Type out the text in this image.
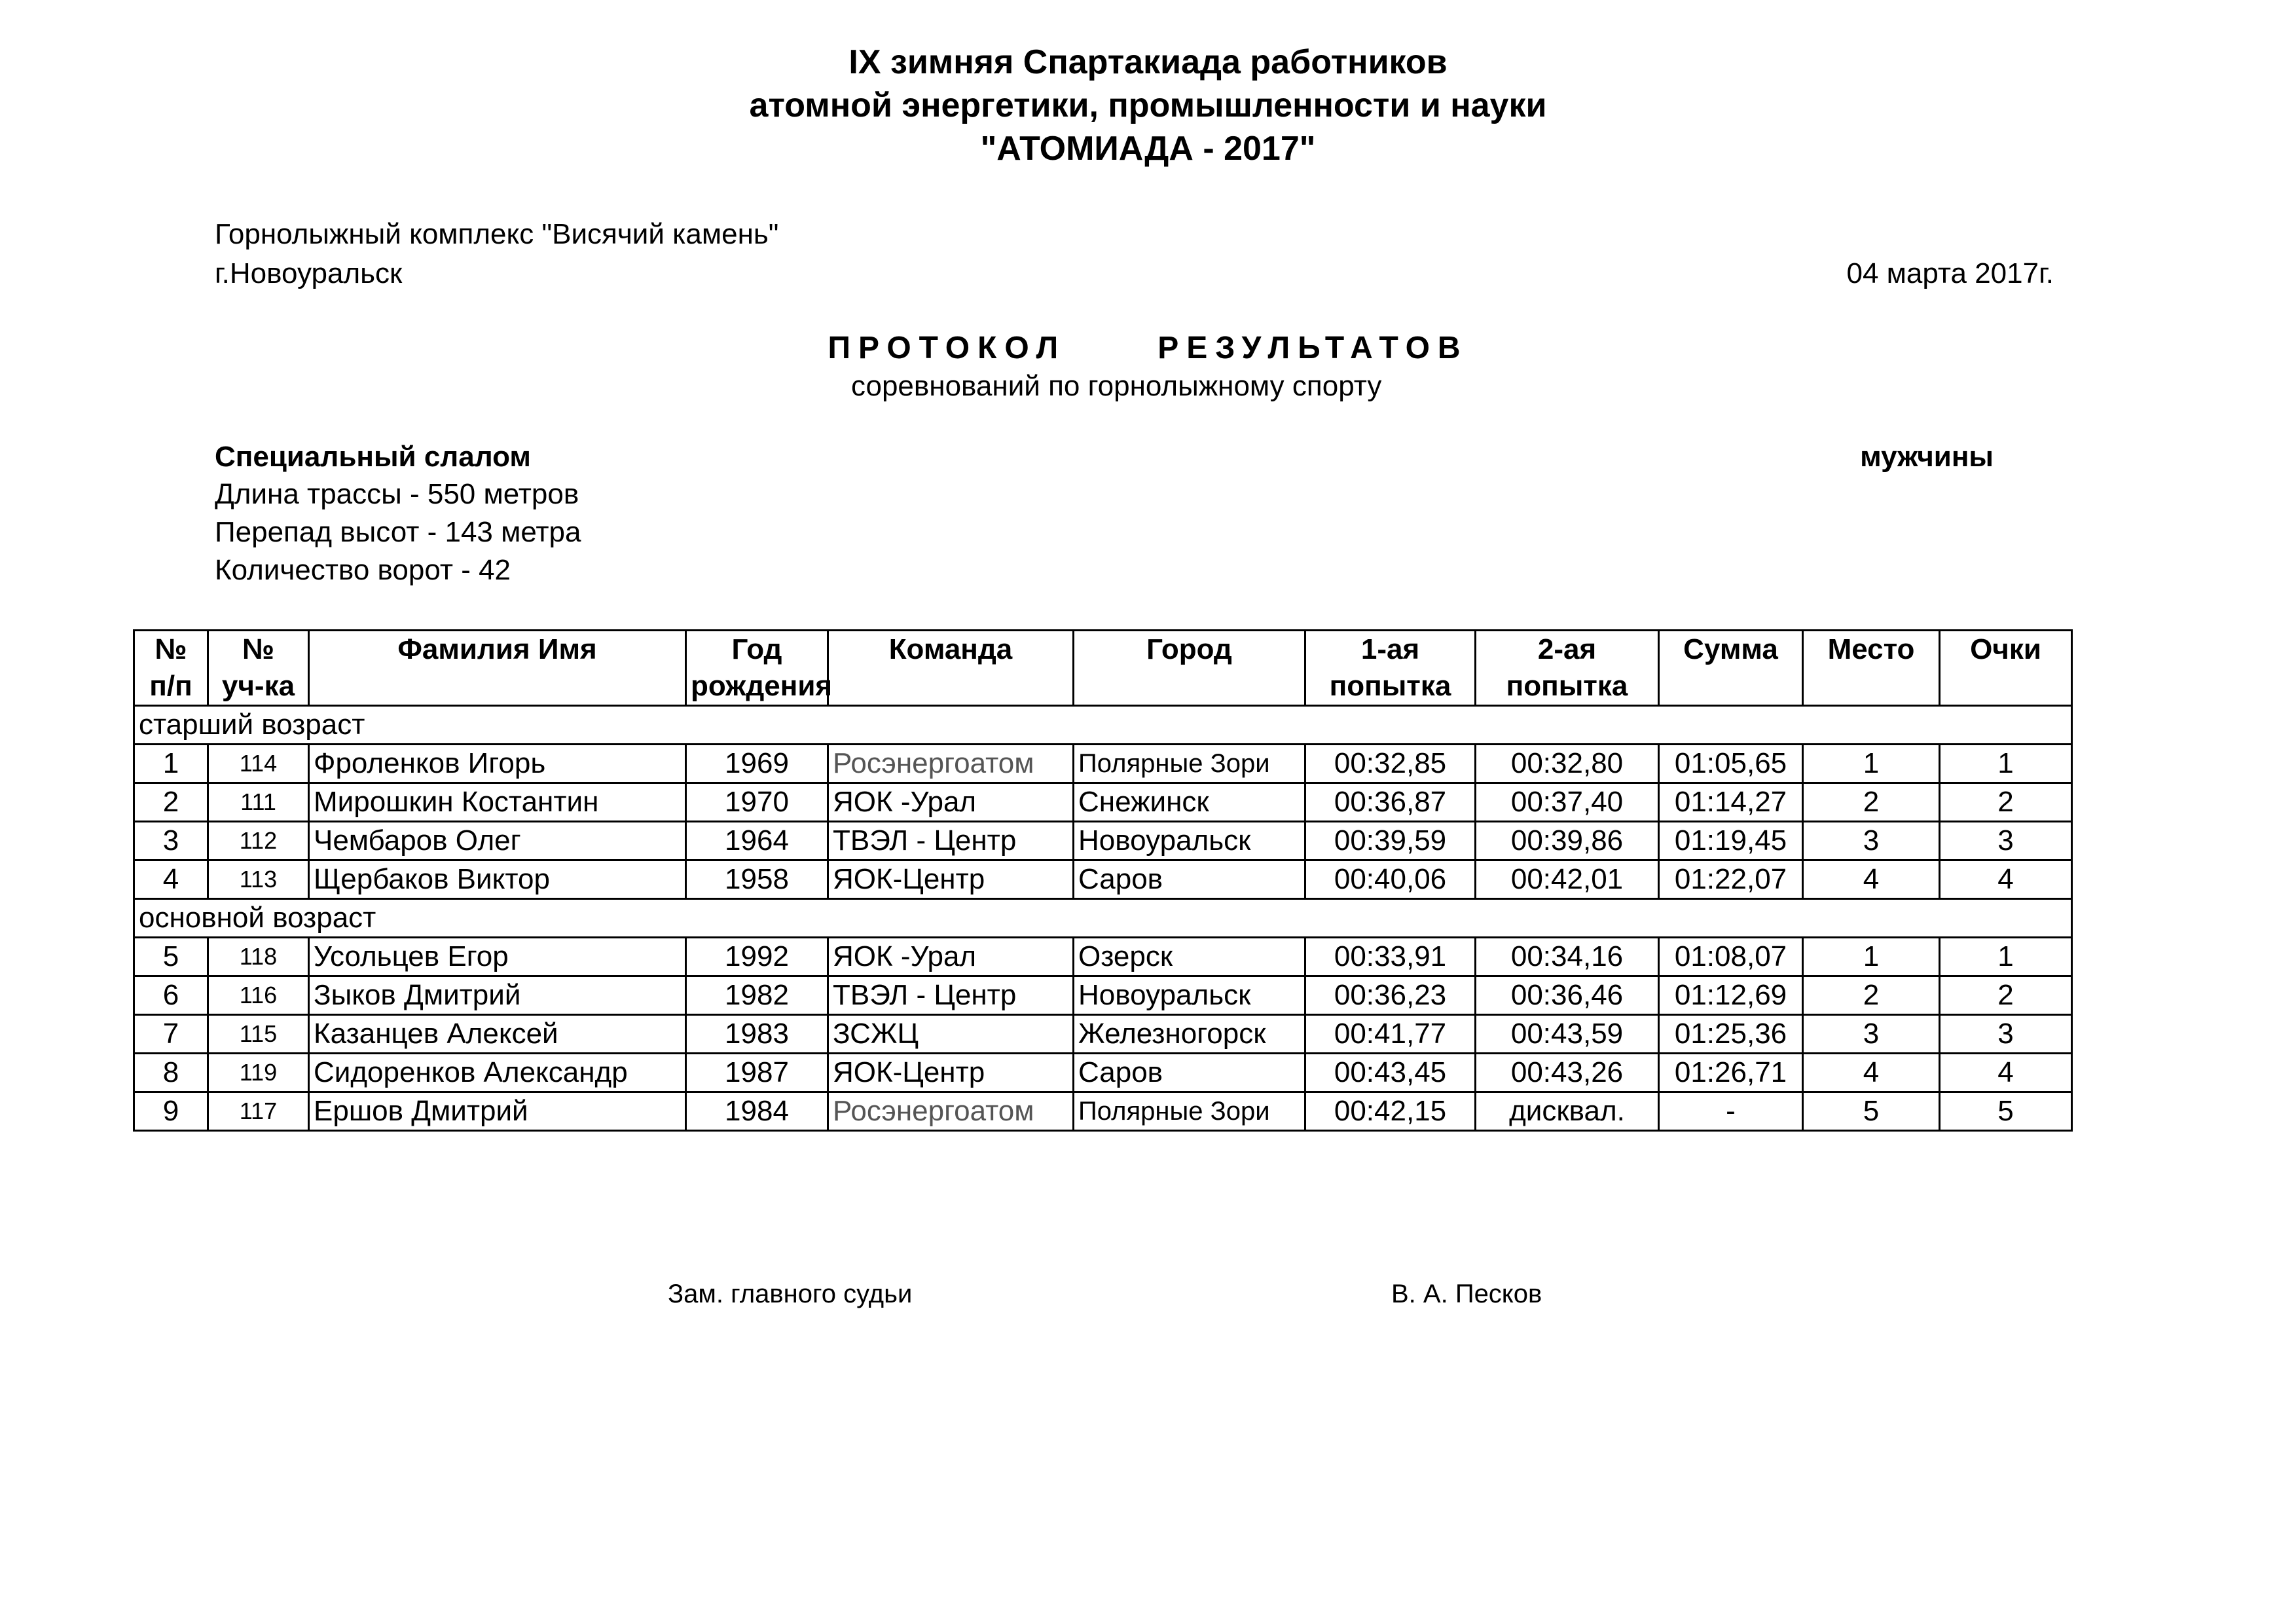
IX зимняя Спартакиада работников
атомной энергетики, промышленности и науки
"АТОМИАДА - 2017"
Горнолыжный комплекс "Висячий камень"
г.Новоуральск	04 марта 2017г.
ПРОТОКОЛ	РЕЗУЛЬТАТОВ
соревнований по горнолыжному спорту
Специальный слалом	мужчины
Длина трассы - 550 метров
Перепад высот - 143 метра
Количество ворот - 42
№	№	Фамилия Имя	Год	Команда	Город	1-ая	2-ая	Сумма	Место	Очки
п/п	уч-ка		рождения			попытка	попытка			
старший возраст										
1	114	Фроленков Игорь	1969	Росэнергоатом	Полярные Зори	00:32,85	00:32,80	01:05,65	1	1
2	111	Мирошкин Костантин	1970	ЯОК -Урал	Снежинск	00:36,87	00:37,40	01:14,27	2	2
3	112	Чембаров Олег	1964	ТВЭЛ - Центр	Новоуральск	00:39,59	00:39,86	01:19,45	3	3
4	113	Щербаков Виктор	1958	ЯОК-Центр	Саров	00:40,06	00:42,01	01:22,07	4	4
основной возраст										
5	118	Усольцев Егор	1992	ЯОК -Урал	Озерск	00:33,91	00:34,16	01:08,07	1	1
6	116	Зыков Дмитрий	1982	ТВЭЛ - Центр	Новоуральск	00:36,23	00:36,46	01:12,69	2	2
7	115	Казанцев Алексей	1983	ЗСЖЦ	Железногорск	00:41,77	00:43,59	01:25,36	3	3
8	119	Сидоренков Александр	1987	ЯОК-Центр	Саров	00:43,45	00:43,26	01:26,71	4	4
9	117	Ершов Дмитрий	1984	Росэнергоатом	Полярные Зори	00:42,15	дисквал.	-	5	5
Зам. главного судьи	В. А. Песков
